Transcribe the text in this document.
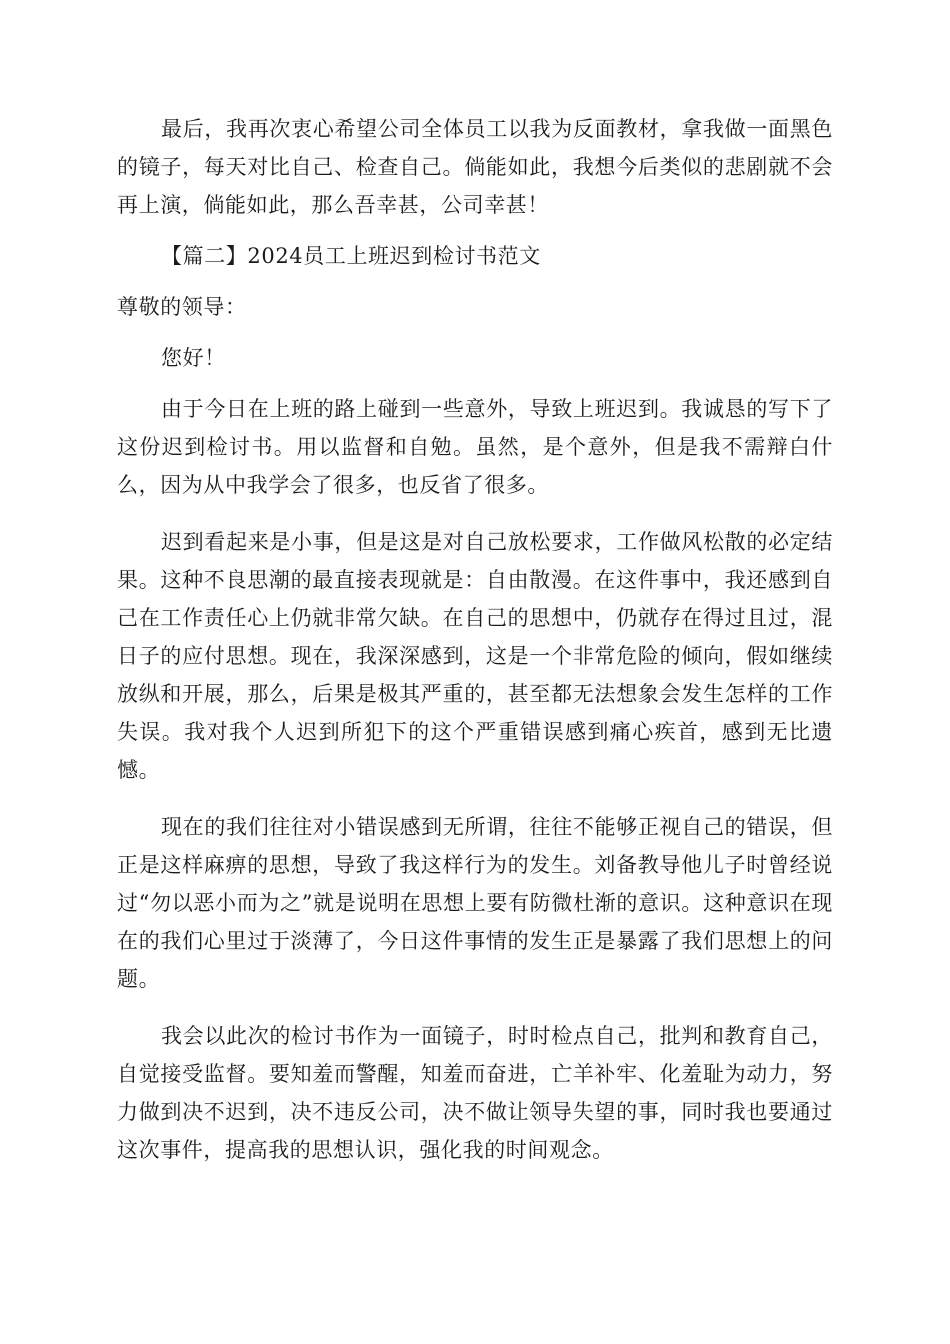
最后，我再次衷心希望公司全体员工以我为反面教材，拿我做一面黑色的镜子，每天对比自己、检查自己。倘能如此，我想今后类似的悲剧就不会再上演，倘能如此，那么吾幸甚，公司幸甚！

【篇二】2024员工上班迟到检讨书范文

尊敬的领导：

您好！

由于今日在上班的路上碰到一些意外，导致上班迟到。我诚恳的写下了这份迟到检讨书。用以监督和自勉。虽然，是个意外，但是我不需辩白什么，因为从中我学会了很多，也反省了很多。

迟到看起来是小事，但是这是对自己放松要求，工作做风松散的必定结果。这种不良思潮的最直接表现就是：自由散漫。在这件事中，我还感到自己在工作责任心上仍就非常欠缺。在自己的思想中，仍就存在得过且过，混日子的应付思想。现在，我深深感到，这是一个非常危险的倾向，假如继续放纵和开展，那么，后果是极其严重的，甚至都无法想象会发生怎样的工作失误。我对我个人迟到所犯下的这个严重错误感到痛心疾首，感到无比遗憾。

现在的我们往往对小错误感到无所谓，往往不能够正视自己的错误，但正是这样麻痹的思想，导致了我这样行为的发生。刘备教导他儿子时曾经说过“勿以恶小而为之”就是说明在思想上要有防微杜渐的意识。这种意识在现在的我们心里过于淡薄了，今日这件事情的发生正是暴露了我们思想上的问题。

我会以此次的检讨书作为一面镜子，时时检点自己，批判和教育自己，自觉接受监督。要知羞而警醒，知羞而奋进，亡羊补牢、化羞耻为动力，努力做到决不迟到，决不违反公司，决不做让领导失望的事，同时我也要通过这次事件，提高我的思想认识，强化我的时间观念。
